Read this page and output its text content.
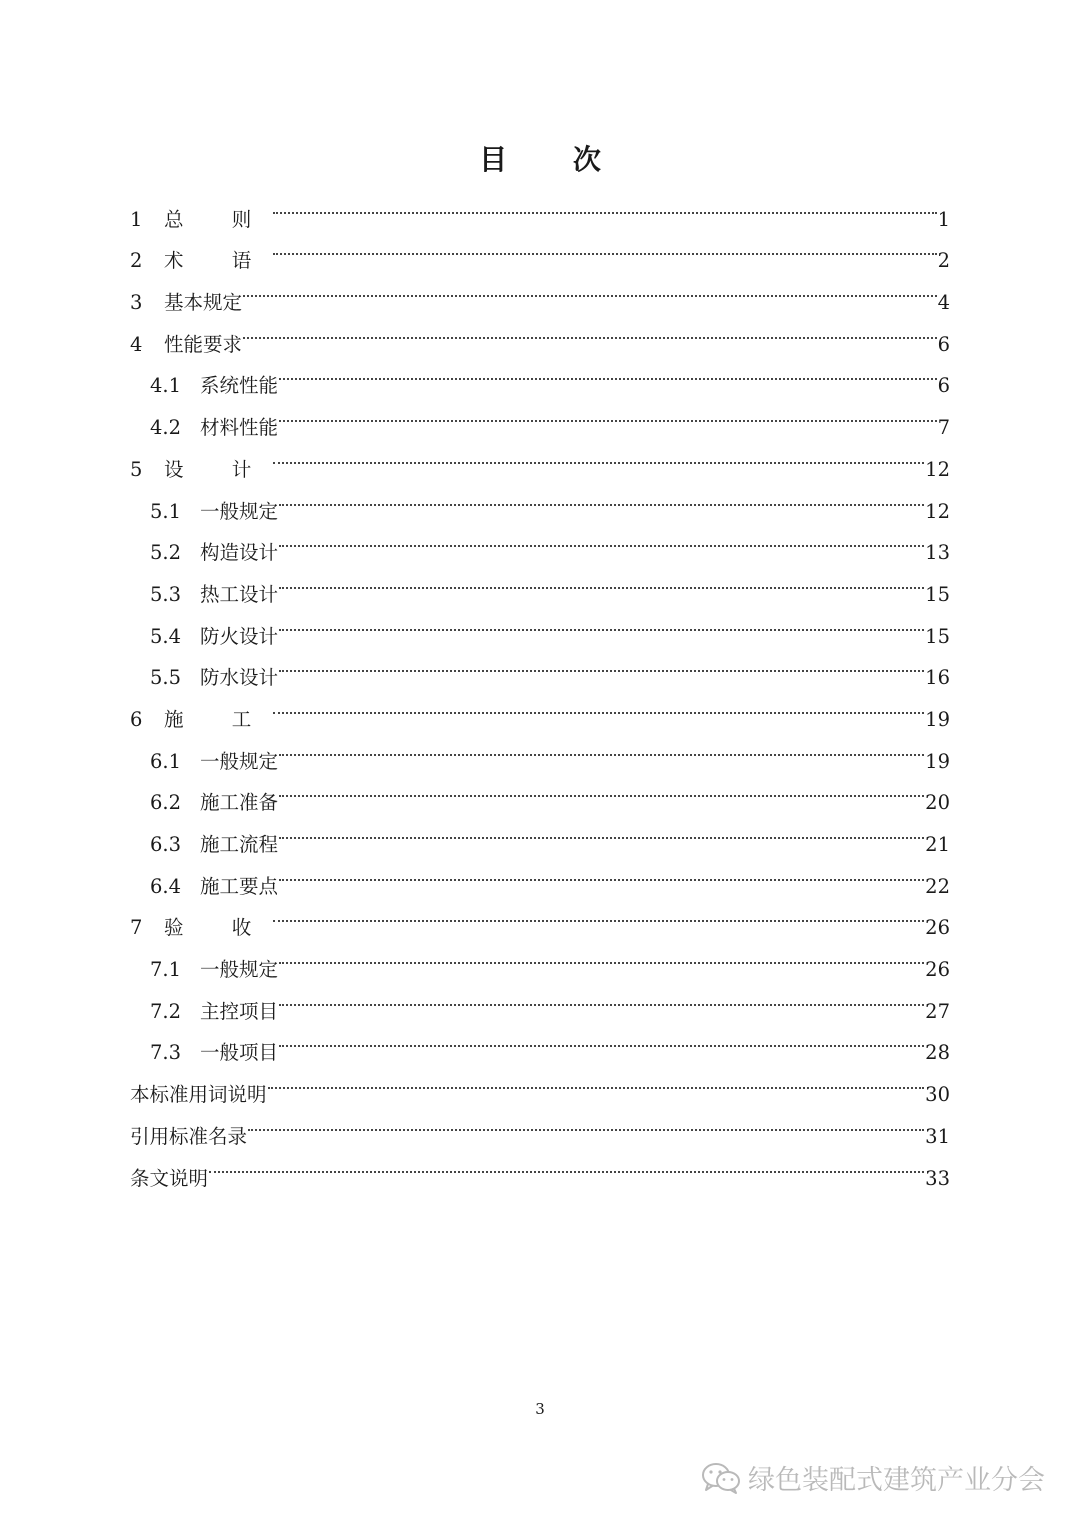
目 次
1	总 则	1
2	术 语	2
3	基本规定	4
4	性能要求	6
4.1 系统性能	6
4.2 材料性能	7
5	设 计	12
5.1 一般规定	12
5.2 构造设计	13
5.3 热工设计	15
5.4 防火设计	15
5.5 防水设计	16
6	施 工	19
6.1 一般规定	19
6.2 施工准备	20
6.3 施工流程	21
6.4 施工要点	22
7	验 收	26
7.1 一般规定	26
7.2 主控项目	27
7.3 一般项目	28
本标准用词说明	30
引用标准名录	31
条文说明	33
3
绿色装配式建筑产业分会
